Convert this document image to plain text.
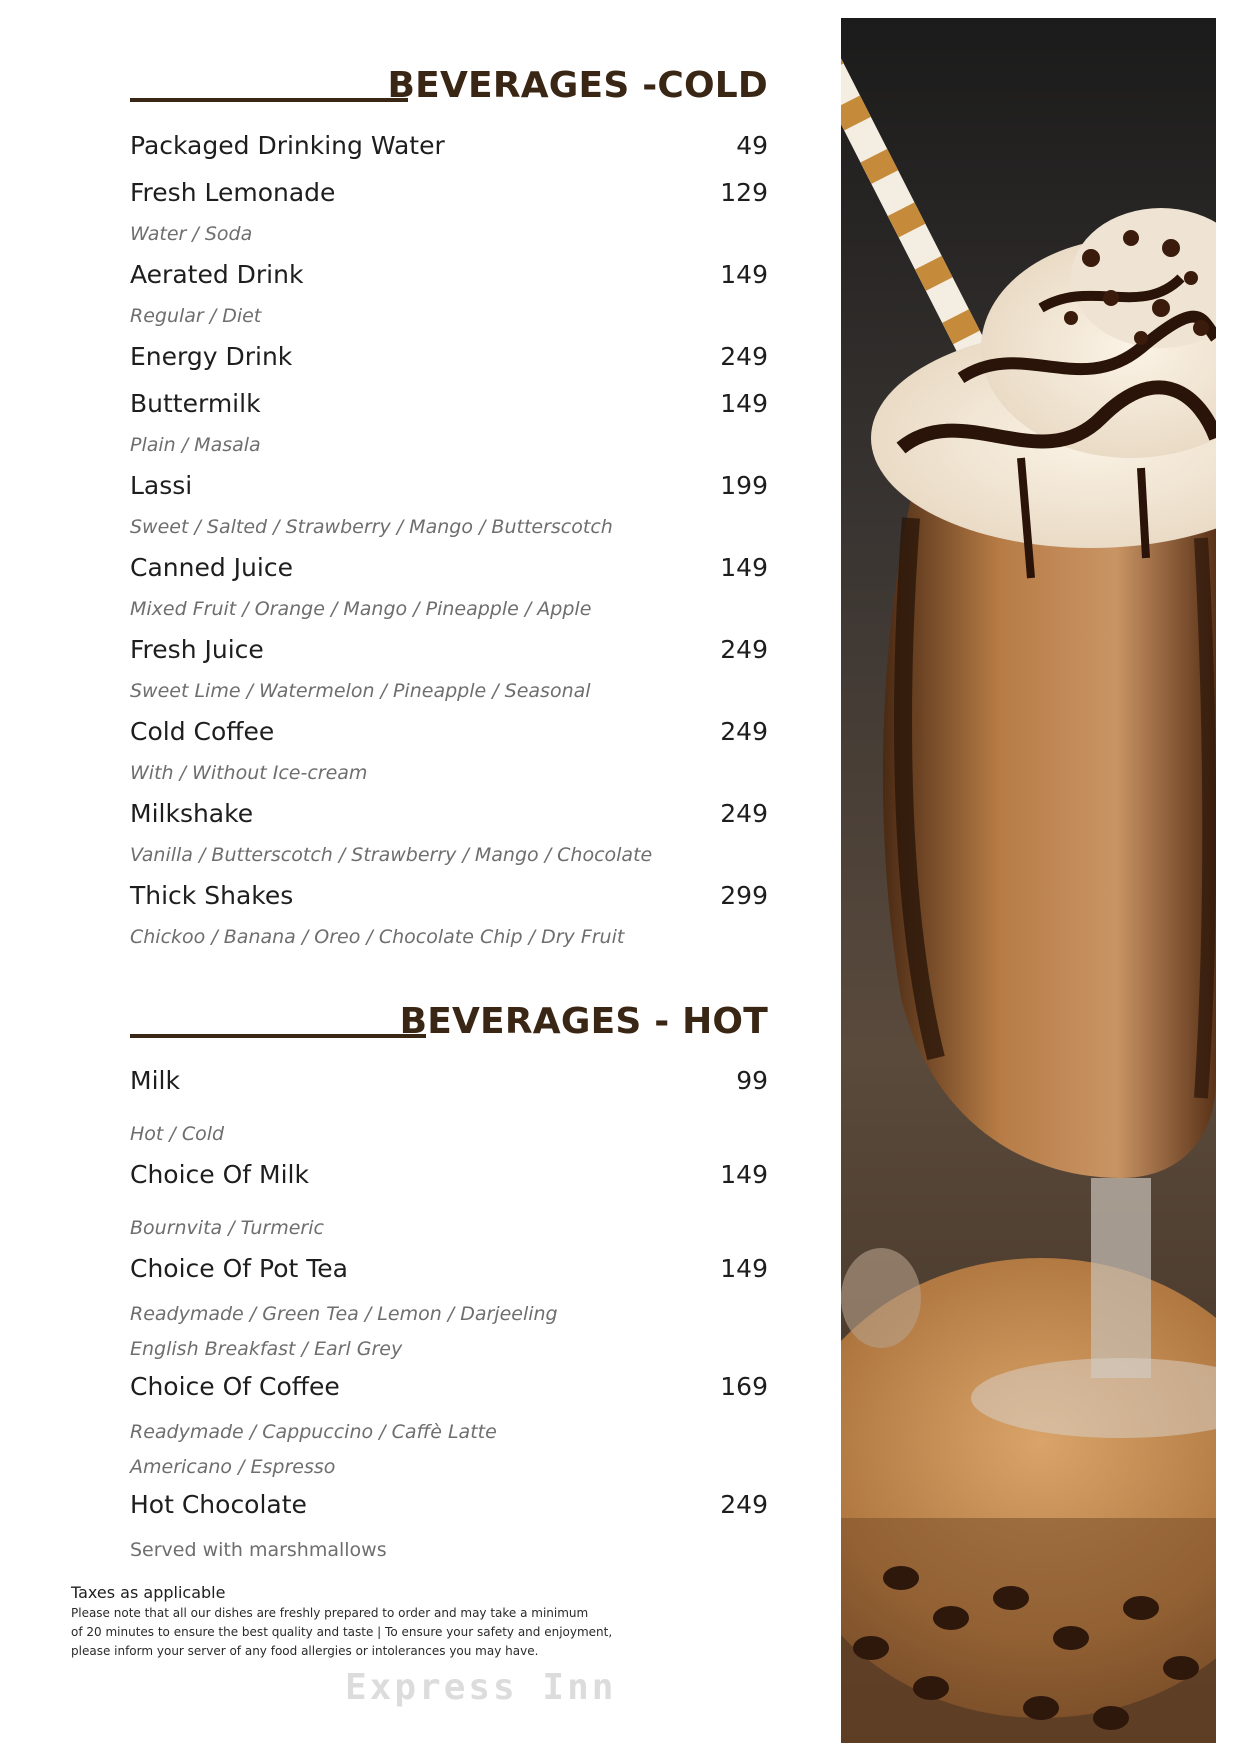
BEVERAGES -COLD
Packaged Drinking Water	49
Fresh Lemonade	129
Water / Soda
Aerated Drink	149
Regular / Diet
Energy Drink	249
Buttermilk	149
Plain / Masala
Lassi	199
Sweet / Salted / Strawberry / Mango / Butterscotch
Canned Juice	149
Mixed Fruit / Orange / Mango / Pineapple / Apple
Fresh Juice	249
Sweet Lime / Watermelon / Pineapple / Seasonal
Cold Coffee	249
With / Without Ice-cream
Milkshake	249
Vanilla / Butterscotch / Strawberry / Mango / Chocolate
Thick Shakes	299
Chickoo / Banana / Oreo / Chocolate Chip / Dry Fruit
BEVERAGES - HOT
Milk	99
Hot / Cold
Choice Of Milk	149
Bournvita / Turmeric
Choice Of Pot Tea	149
Readymade / Green Tea / Lemon / Darjeeling
English Breakfast / Earl Grey
Choice Of Coffee	169
Readymade / Cappuccino / Caffè Latte
Americano / Espresso
Hot Chocolate	249
Served with marshmallows
Taxes as applicable
Please note that all our dishes are freshly prepared to order and may take a minimum
of 20 minutes to ensure the best quality and taste | To ensure your safety and enjoyment,
please inform your server of any food allergies or intolerances you may have.
Express Inn
